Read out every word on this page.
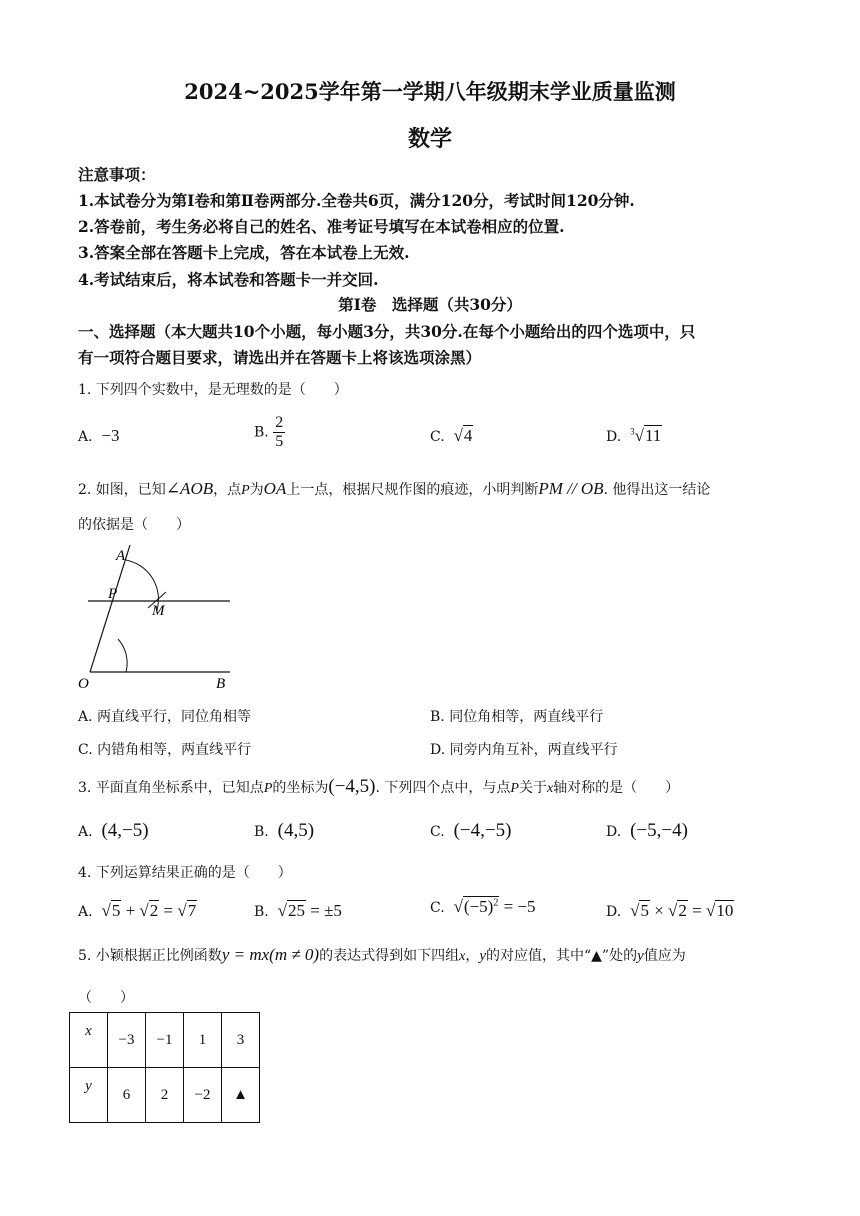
2024~2025学年第一学期八年级期末学业质量监测
数学
注意事项：
1.本试卷分为第Ⅰ卷和第Ⅱ卷两部分.全卷共6页，满分120分，考试时间120分钟.
2.答卷前，考生务必将自己的姓名、准考证号填写在本试卷相应的位置.
3.答案全部在答题卡上完成，答在本试卷上无效.
4.考试结束后，将本试卷和答题卡一并交回.
第Ⅰ卷　选择题（共30分）
一、选择题（本大题共10个小题，每小题3分，共30分.在每个小题给出的四个选项中，只
有一项符合题目要求，请选出并在答题卡上将该选项涂黑）
1. 下列四个实数中，是无理数的是（　　）
A. −3	B. $\frac{2}{5}$	C. √4	D. $^3$√11
2. 如图，已知∠AOB，点P为OA上一点，根据尺规作图的痕迹，小明判断PM // OB. 他得出这一结论
的依据是（　　）
A
P
M
O	B
A. 两直线平行，同位角相等	B. 同位角相等，两直线平行
C. 内错角相等，两直线平行	D. 同旁内角互补，两直线平行
3. 平面直角坐标系中，已知点P的坐标为(−4,5). 下列四个点中，与点P关于x轴对称的是（　　）
A. (4,−5)	B. (4,5)	C. (−4,−5)	D. (−5,−4)
4. 下列运算结果正确的是（　　）
A. √5 + √2 = √7	B. √25 = ±5	C. $√(-5)^2 = -5$	D. √5 × √2 = √10
5. 小颖根据正比例函数y = mx(m ≠ 0)的表达式得到如下四组x，y的对应值，其中“▲”处的y值应为
（　　）
x	−3	−1	1	3
y	6	2	−2	▲
